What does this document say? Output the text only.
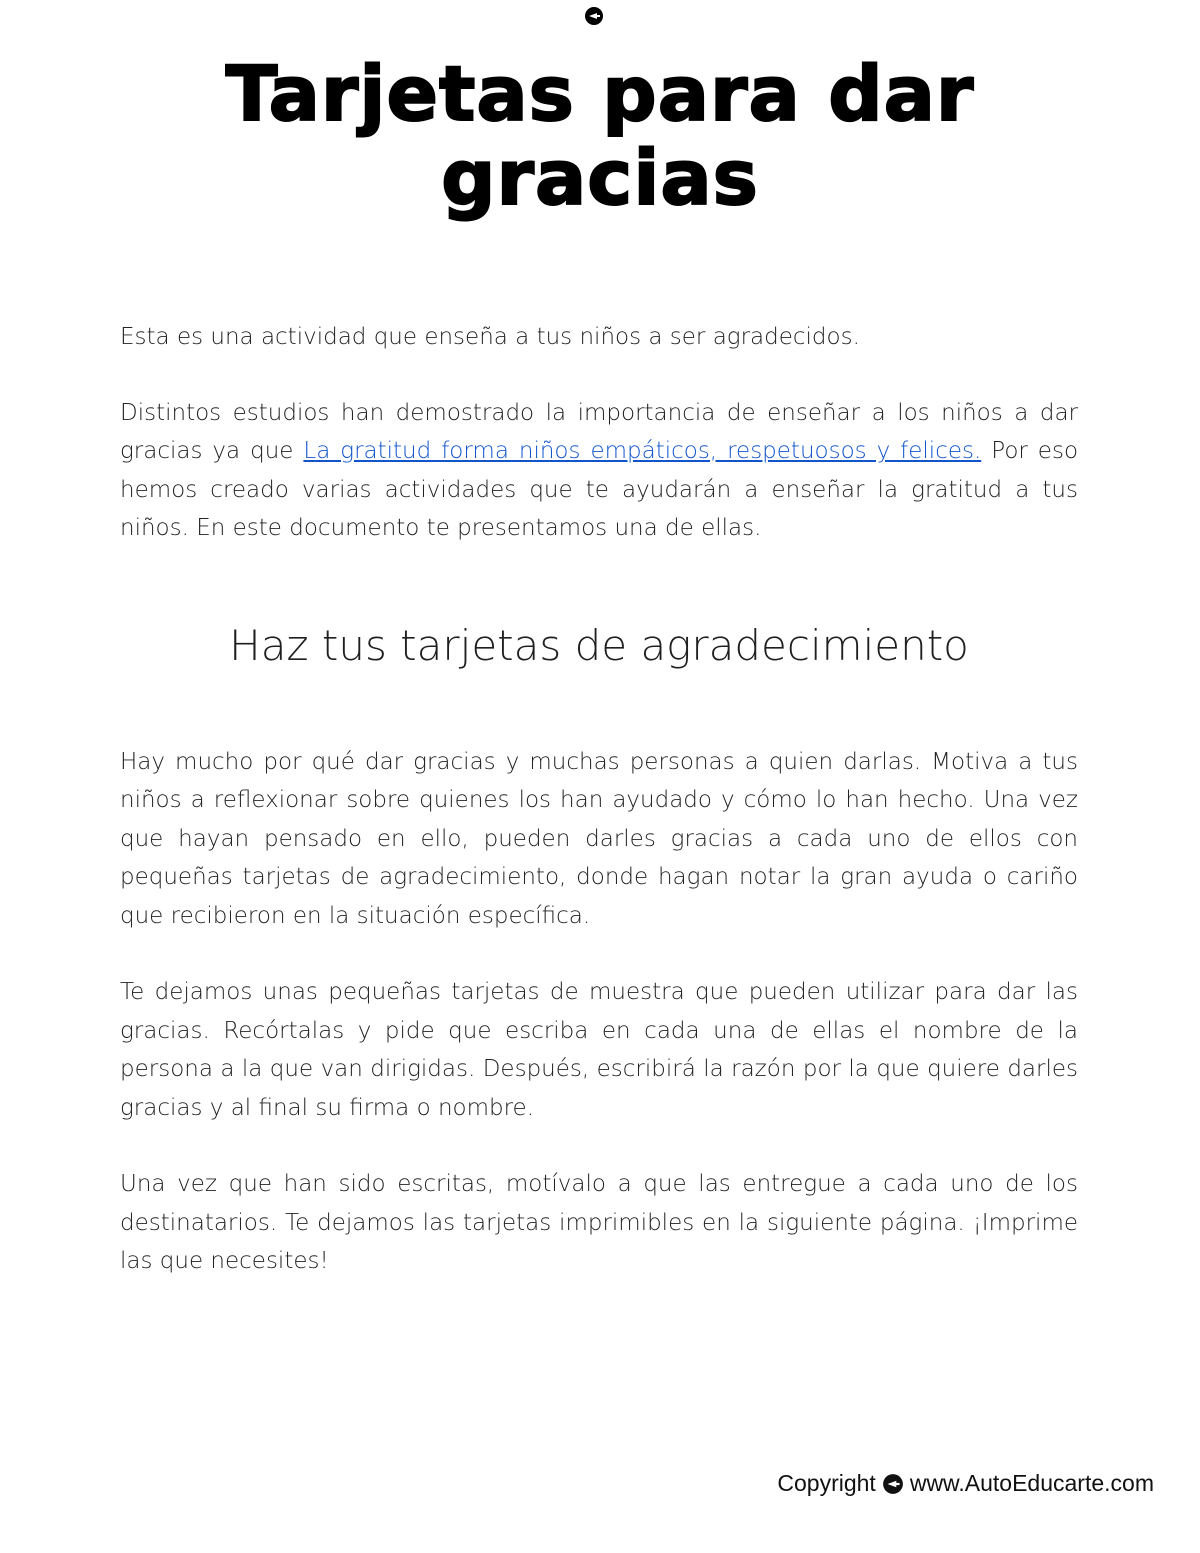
Tarjetas para dar
gracias

Esta es una actividad que enseña a tus niños a ser agradecidos.

Distintos estudios han demostrado la importancia de enseñar a los niños a dar gracias ya que La gratitud forma niños empáticos, respetuosos y felices. Por eso hemos creado varias actividades que te ayudarán a enseñar la gratitud a tus niños. En este documento te presentamos una de ellas.

Haz tus tarjetas de agradecimiento

Hay mucho por qué dar gracias y muchas personas a quien darlas. Motiva a tus niños a reflexionar sobre quienes los han ayudado y cómo lo han hecho. Una vez que hayan pensado en ello, pueden darles gracias a cada uno de ellos con pequeñas tarjetas de agradecimiento, donde hagan notar la gran ayuda o cariño que recibieron en la situación específica.

Te dejamos unas pequeñas tarjetas de muestra que pueden utilizar para dar las gracias. Recórtalas y pide que escriba en cada una de ellas el nombre de la persona a la que van dirigidas. Después, escribirá la razón por la que quiere darles gracias y al final su firma o nombre.

Una vez que han sido escritas, motívalo a que las entregue a cada uno de los destinatarios. Te dejamos las tarjetas imprimibles en la siguiente página. ¡Imprime las que necesites!

Copyright www.AutoEducarte.com
